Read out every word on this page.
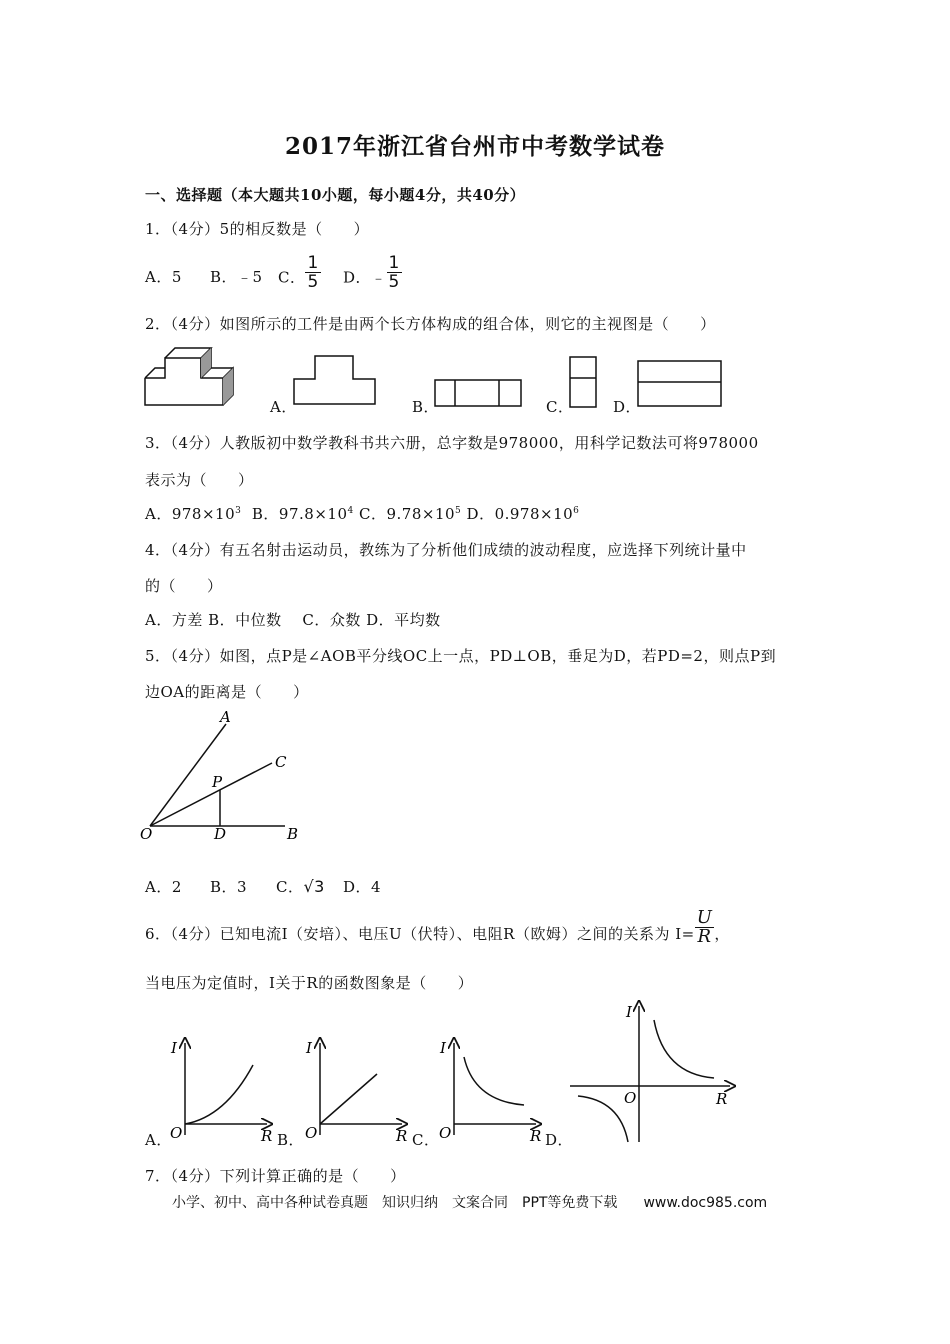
2017年浙江省台州市中考数学试卷
一、选择题（本大题共10小题，每小题4分，共40分）
1．（4分）5的相反数是（　　）
A．5 B．﹣5 C． $\frac{1}{5}$ D．﹣ $\frac{1}{5}$
2．（4分）如图所示的工件是由两个长方体构成的组合体，则它的主视图是（　　）
A．	B．	C．	D．
3．（4分）人教版初中数学教科书共六册，总字数是978000，用科学记数法可将978000
表示为（　　）
A．$978\times 10^3$ B．$97.8\times 10^4$ C．$9.78\times 10^5$ D．$0.978\times 10^6$
4．（4分）有五名射击运动员，教练为了分析他们成绩的波动程度，应选择下列统计量中
的（　　）
A．方差 B．中位数　 C．众数 D．平均数
5．（4分）如图，点P是∠AOB平分线OC上一点，PD⊥OB，垂足为D，若PD=2，则点P到
边OA的距离是（　　）
A
C
P
O	D	B
A．2 B．3 C．√3 D．4
6．（4分）已知电流I（安培）、电压U（伏特）、电阻R（欧姆）之间的关系为 $I= \frac{U}{R}$ ，
当电压为定值时，I关于R的函数图象是（　　）
A．
I
R
O	B．
I
R
O	C．
I
R
O	D．
I
R
O
7．（4分）下列计算正确的是（　　）
小学、初中、高中各种试卷真题　知识归纳　文案合同　PPT等免费下载 www.doc985.com
